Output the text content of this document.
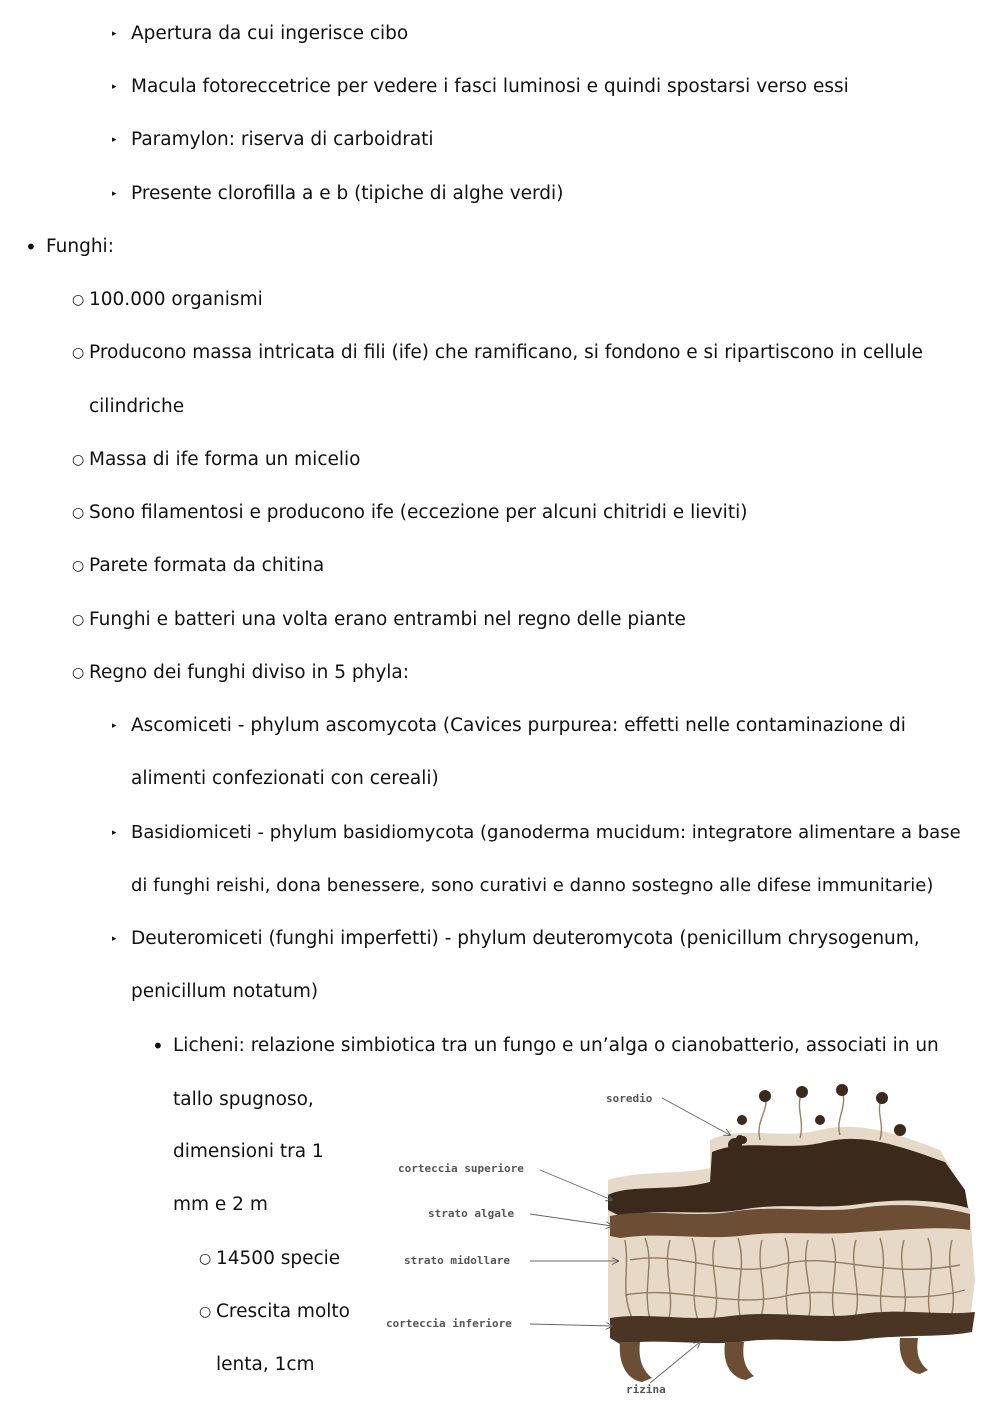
▸ Apertura da cui ingerisce cibo
▸ Macula fotoreccetrice per vedere i fasci luminosi e quindi spostarsi verso essi
▸ Paramylon: riserva di carboidrati
▸ Presente clorofilla a e b (tipiche di alghe verdi)
• Funghi:
○ 100.000 organismi
○ Producono massa intricata di fili (ife) che ramificano, si fondono e si ripartiscono in cellule
cilindriche
○ Massa di ife forma un micelio
○ Sono filamentosi e producono ife (eccezione per alcuni chitridi e lieviti)
○ Parete formata da chitina
○ Funghi e batteri una volta erano entrambi nel regno delle piante
○ Regno dei funghi diviso in 5 phyla:
▸ Ascomiceti - phylum ascomycota (Cavices purpurea: effetti nelle contaminazione di
alimenti confezionati con cereali)
▸ Basidiomiceti - phylum basidiomycota (ganoderma mucidum: integratore alimentare a base
di funghi reishi, dona benessere, sono curativi e danno sostegno alle difese immunitarie)
▸ Deuteromiceti (funghi imperfetti) - phylum deuteromycota (penicillum chrysogenum,
penicillum notatum)
• Licheni: relazione simbiotica tra un fungo e un’alga o cianobatterio, associati in un
tallo spugnoso,
dimensioni tra 1
mm e 2 m
○ 14500 specie
○ Crescita molto
lenta, 1cm
soredio
corteccia superiore
strato algale
strato midollare
corteccia inferiore
rizina
